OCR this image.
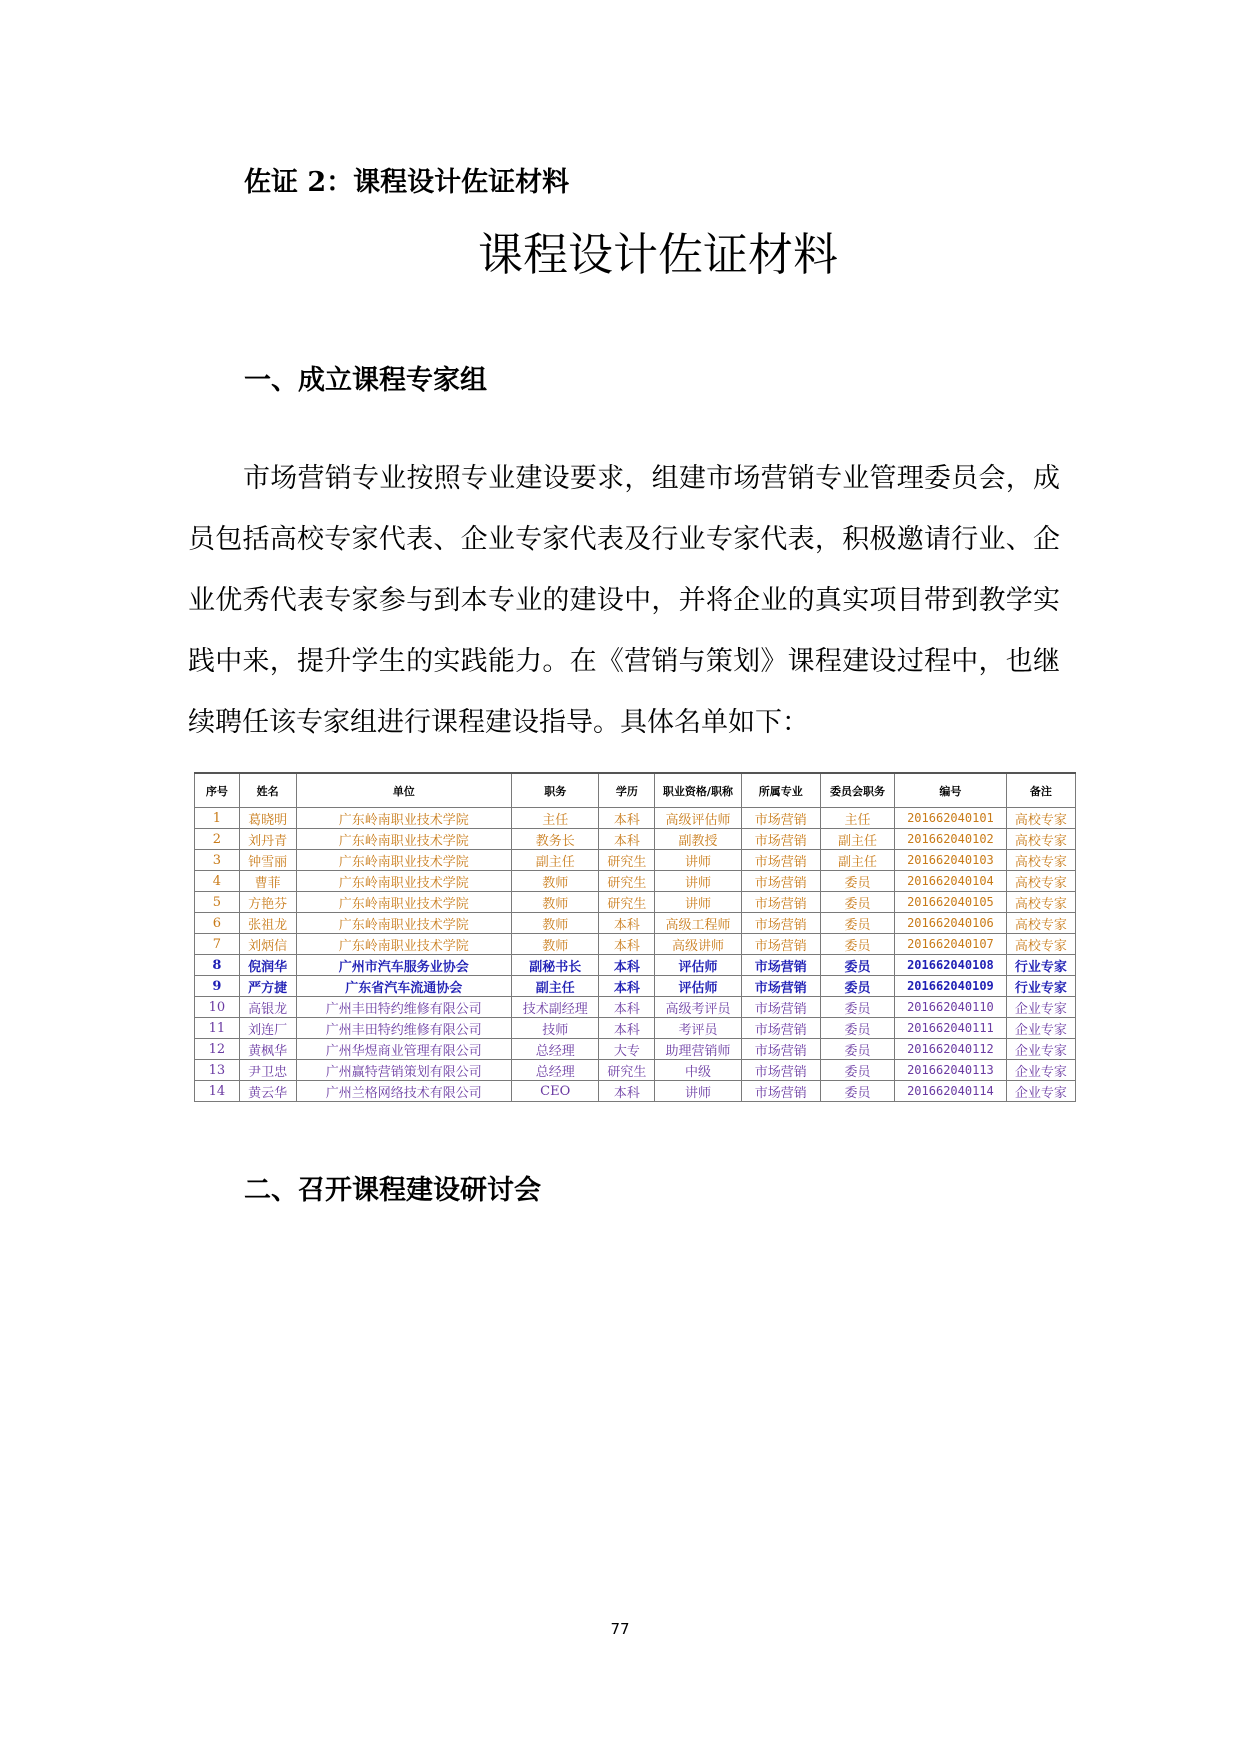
佐证 2：课程设计佐证材料
课程设计佐证材料
一、成立课程专家组

市场营销专业按照专业建设要求，组建市场营销专业管理委员会，成员包括高校专家代表、企业专家代表及行业专家代表，积极邀请行业、企业优秀代表专家参与到本专业的建设中，并将企业的真实项目带到教学实践中来，提升学生的实践能力。在《营销与策划》课程建设过程中，也继续聘任该专家组进行课程建设指导。具体名单如下：

序号	姓名	单位	职务	学历	职业资格/职称	所属专业	委员会职务	编号	备注
1	葛晓明	广东岭南职业技术学院	主任	本科	高级评估师	市场营销	主任	201662040101	高校专家
2	刘丹青	广东岭南职业技术学院	教务长	本科	副教授	市场营销	副主任	201662040102	高校专家
3	钟雪丽	广东岭南职业技术学院	副主任	研究生	讲师	市场营销	副主任	201662040103	高校专家
4	曹菲	广东岭南职业技术学院	教师	研究生	讲师	市场营销	委员	201662040104	高校专家
5	方艳芬	广东岭南职业技术学院	教师	研究生	讲师	市场营销	委员	201662040105	高校专家
6	张祖龙	广东岭南职业技术学院	教师	本科	高级工程师	市场营销	委员	201662040106	高校专家
7	刘炳信	广东岭南职业技术学院	教师	本科	高级讲师	市场营销	委员	201662040107	高校专家
8	倪润华	广州市汽车服务业协会	副秘书长	本科	评估师	市场营销	委员	201662040108	行业专家
9	严方捷	广东省汽车流通协会	副主任	本科	评估师	市场营销	委员	201662040109	行业专家
10	高银龙	广州丰田特约维修有限公司	技术副经理	本科	高级考评员	市场营销	委员	201662040110	企业专家
11	刘连厂	广州丰田特约维修有限公司	技师	本科	考评员	市场营销	委员	201662040111	企业专家
12	黄枫华	广州华煜商业管理有限公司	总经理	大专	助理营销师	市场营销	委员	201662040112	企业专家
13	尹卫忠	广州赢特营销策划有限公司	总经理	研究生	中级	市场营销	委员	201662040113	企业专家
14	黄云华	广州兰格网络技术有限公司	CEO	本科	讲师	市场营销	委员	201662040114	企业专家
二、召开课程建设研讨会
77
